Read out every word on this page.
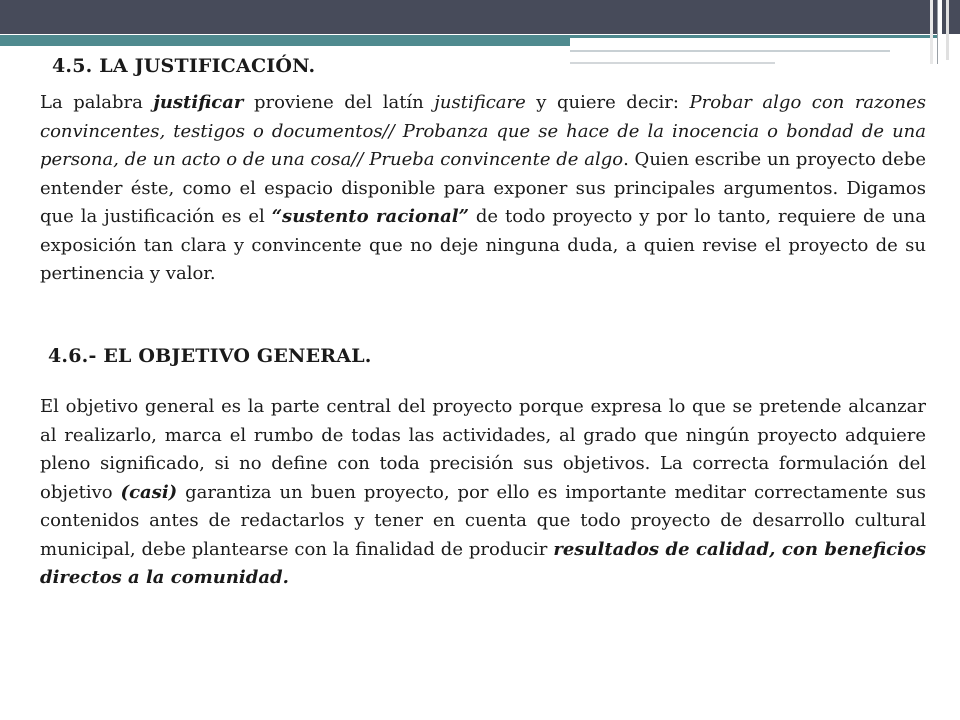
4.5. LA JUSTIFICACIÓN.

La palabra justificar proviene del latín justificare y quiere decir: Probar algo con razones convincentes, testigos o documentos// Probanza que se hace de la inocencia o bondad de una persona, de un acto o de una cosa// Prueba convincente de algo. Quien escribe un proyecto debe entender éste, como el espacio disponible para exponer sus principales argumentos. Digamos que la justificación es el “sustento racional” de todo proyecto y por lo tanto, requiere de una exposición tan clara y convincente que no deje ninguna duda, a quien revise el proyecto de su pertinencia y valor.

4.6.- EL OBJETIVO GENERAL.

El objetivo general es la parte central del proyecto porque expresa lo que se pretende alcanzar al realizarlo, marca el rumbo de todas las actividades, al grado que ningún proyecto adquiere pleno significado, si no define con toda precisión sus objetivos. La correcta formulación del objetivo (casi) garantiza un buen proyecto, por ello es importante meditar correctamente sus contenidos antes de redactarlos y tener en cuenta que todo proyecto de desarrollo cultural municipal, debe plantearse con la finalidad de producir resultados de calidad, con beneficios directos a la comunidad.
